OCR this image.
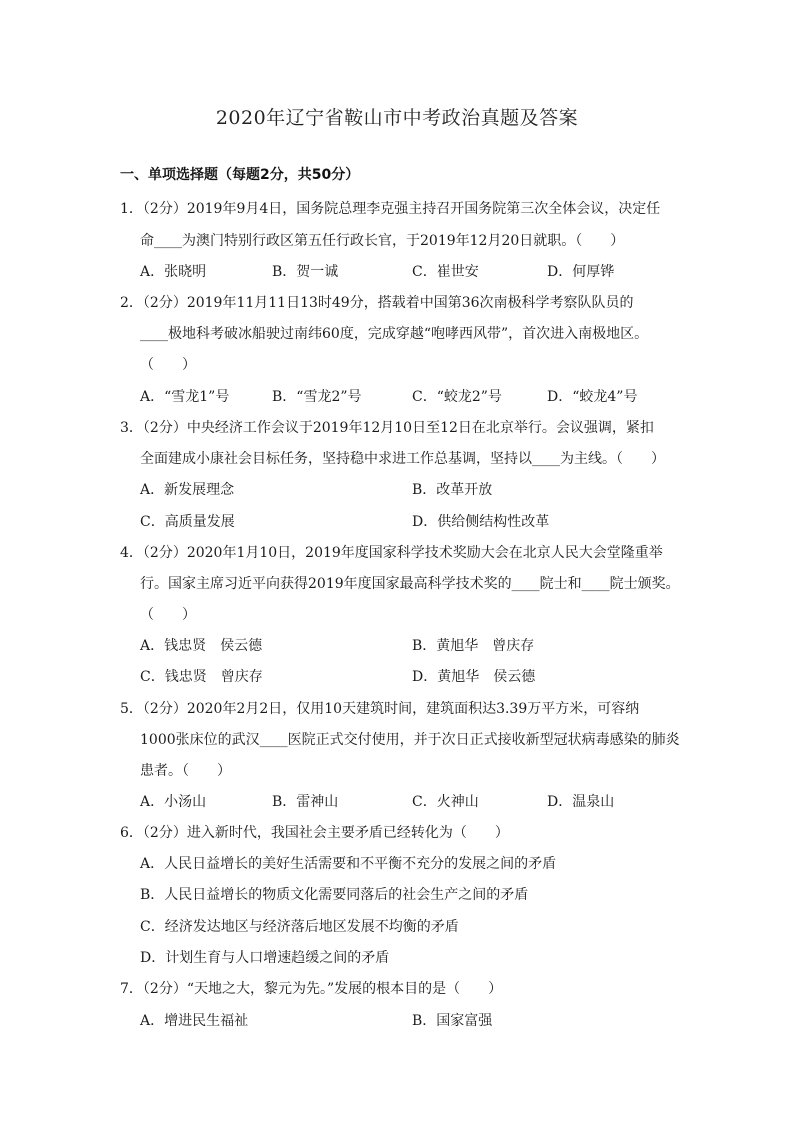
2020年辽宁省鞍山市中考政治真题及答案
一、单项选择题（每题2分，共50分）
1．（2分）2019年9月4日，国务院总理李克强主持召开国务院第三次全体会议，决定任
命____为澳门特别行政区第五任行政长官，于2019年12月20日就职。（　　）
A．张晓明	B．贺一诚	C．崔世安	D．何厚铧
2．（2分）2019年11月11日13时49分，搭载着中国第36次南极科学考察队队员的
____极地科考破冰船驶过南纬60度，完成穿越“咆哮西风带”，首次进入南极地区。
（　　）
A．“雪龙1”号	B．“雪龙2”号	C．“蛟龙2”号	D．“蛟龙4”号
3．（2分）中央经济工作会议于2019年12月10日至12日在北京举行。会议强调，紧扣
全面建成小康社会目标任务，坚持稳中求进工作总基调，坚持以____为主线。（　　）
A．新发展理念	B．改革开放
C．高质量发展	D．供给侧结构性改革
4．（2分）2020年1月10日，2019年度国家科学技术奖励大会在北京人民大会堂隆重举
行。国家主席习近平向获得2019年度国家最高科学技术奖的____院士和____院士颁奖。
（　　）
A．钱忠贤　侯云德	B．黄旭华　曾庆存
C．钱忠贤　曾庆存	D．黄旭华　侯云德
5．（2分）2020年2月2日，仅用10天建筑时间，建筑面积达3.39万平方米，可容纳
1000张床位的武汉____医院正式交付使用，并于次日正式接收新型冠状病毒感染的肺炎
患者。（　　）
A．小汤山	B．雷神山	C．火神山	D．温泉山
6．（2分）进入新时代，我国社会主要矛盾已经转化为（　　）
A．人民日益增长的美好生活需要和不平衡不充分的发展之间的矛盾
B．人民日益增长的物质文化需要同落后的社会生产之间的矛盾
C．经济发达地区与经济落后地区发展不均衡的矛盾
D．计划生育与人口增速趋缓之间的矛盾
7．（2分）“天地之大，黎元为先。”发展的根本目的是（　　）
A．增进民生福祉	B．国家富强
